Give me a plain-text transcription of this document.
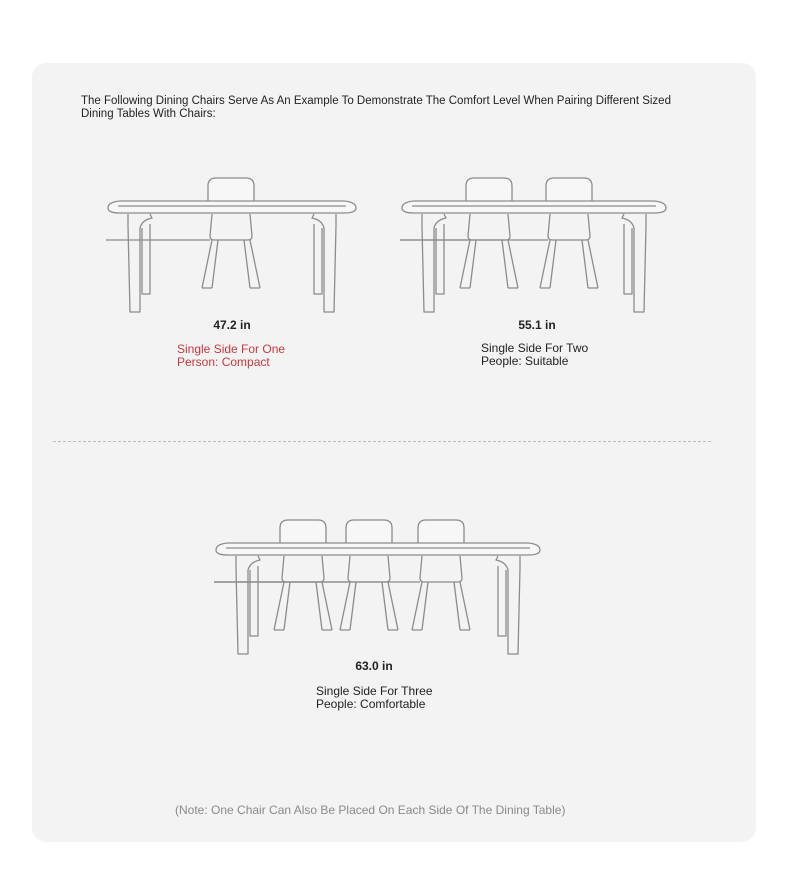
The Following Dining Chairs Serve As An Example To Demonstrate The Comfort Level When Pairing Different Sized Dining Tables With Chairs:
47.2 in
Single Side For One
Person: Compact
55.1 in
Single Side For Two
People: Suitable
63.0 in
Single Side For Three
People: Comfortable
(Note: One Chair Can Also Be Placed On Each Side Of The Dining Table)
